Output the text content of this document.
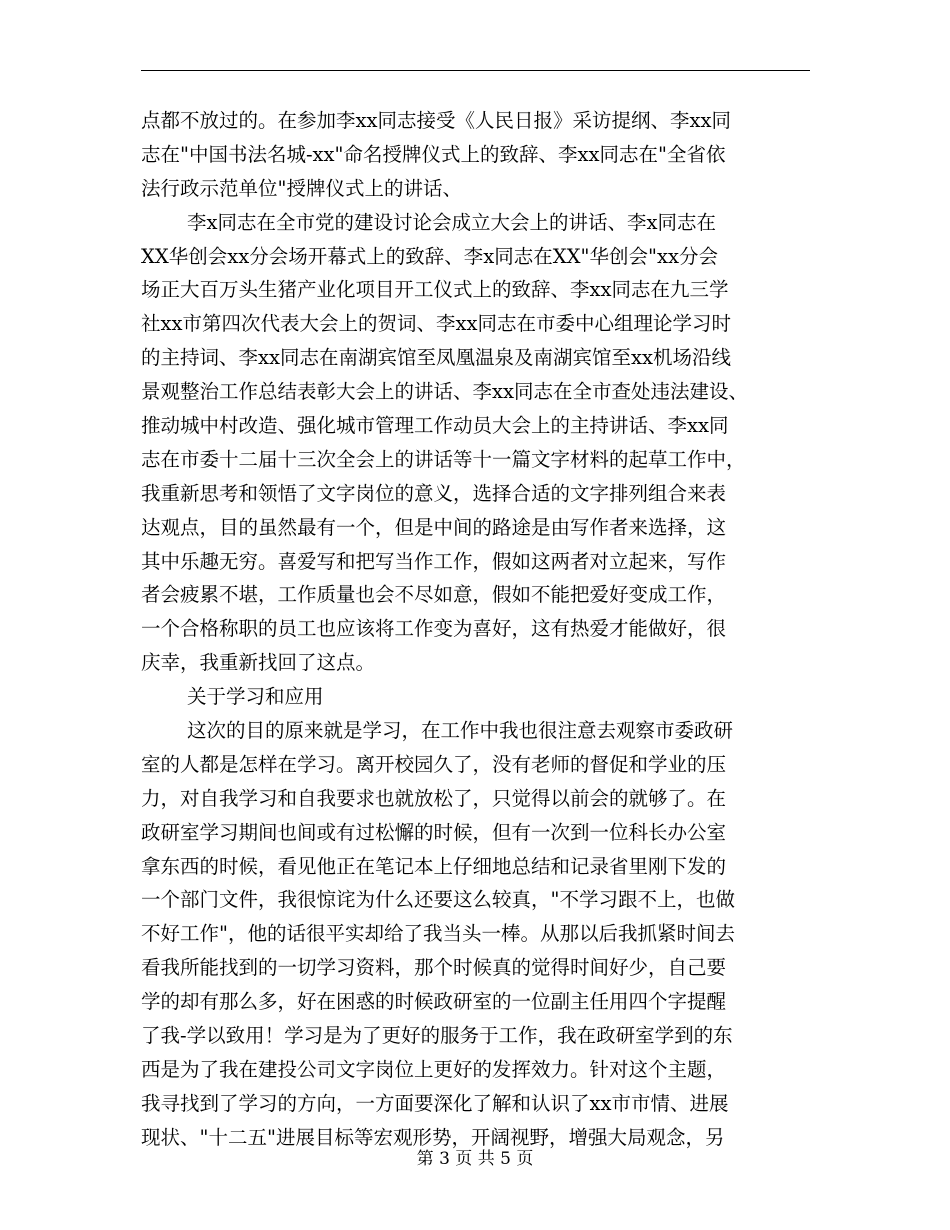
点都不放过的。在参加李xx同志接受《人民日报》采访提纲、李xx同
志在"中国书法名城-xx"命名授牌仪式上的致辞、李xx同志在"全省依
法行政示范单位"授牌仪式上的讲话、
李x同志在全市党的建设讨论会成立大会上的讲话、李x同志在
XX华创会xx分会场开幕式上的致辞、李x同志在XX"华创会"xx分会
场正大百万头生猪产业化项目开工仪式上的致辞、李xx同志在九三学
社xx市第四次代表大会上的贺词、李xx同志在市委中心组理论学习时
的主持词、李xx同志在南湖宾馆至凤凰温泉及南湖宾馆至xx机场沿线
景观整治工作总结表彰大会上的讲话、李xx同志在全市查处违法建设、
推动城中村改造、强化城市管理工作动员大会上的主持讲话、李xx同
志在市委十二届十三次全会上的讲话等十一篇文字材料的起草工作中，
我重新思考和领悟了文字岗位的意义，选择合适的文字排列组合来表
达观点，目的虽然最有一个，但是中间的路途是由写作者来选择，这
其中乐趣无穷。喜爱写和把写当作工作，假如这两者对立起来，写作
者会疲累不堪，工作质量也会不尽如意，假如不能把爱好变成工作，
一个合格称职的员工也应该将工作变为喜好，这有热爱才能做好，很
庆幸，我重新找回了这点。
关于学习和应用
这次的目的原来就是学习，在工作中我也很注意去观察市委政研
室的人都是怎样在学习。离开校园久了，没有老师的督促和学业的压
力，对自我学习和自我要求也就放松了，只觉得以前会的就够了。在
政研室学习期间也间或有过松懈的时候，但有一次到一位科长办公室
拿东西的时候，看见他正在笔记本上仔细地总结和记录省里刚下发的
一个部门文件，我很惊诧为什么还要这么较真，"不学习跟不上，也做
不好工作"，他的话很平实却给了我当头一棒。从那以后我抓紧时间去
看我所能找到的一切学习资料，那个时候真的觉得时间好少，自己要
学的却有那么多，好在困惑的时候政研室的一位副主任用四个字提醒
了我-学以致用！学习是为了更好的服务于工作，我在政研室学到的东
西是为了我在建投公司文字岗位上更好的发挥效力。针对这个主题，
我寻找到了学习的方向，一方面要深化了解和认识了xx市市情、进展
现状、"十二五"进展目标等宏观形势，开阔视野，增强大局观念，另
第 3 页 共 5 页
